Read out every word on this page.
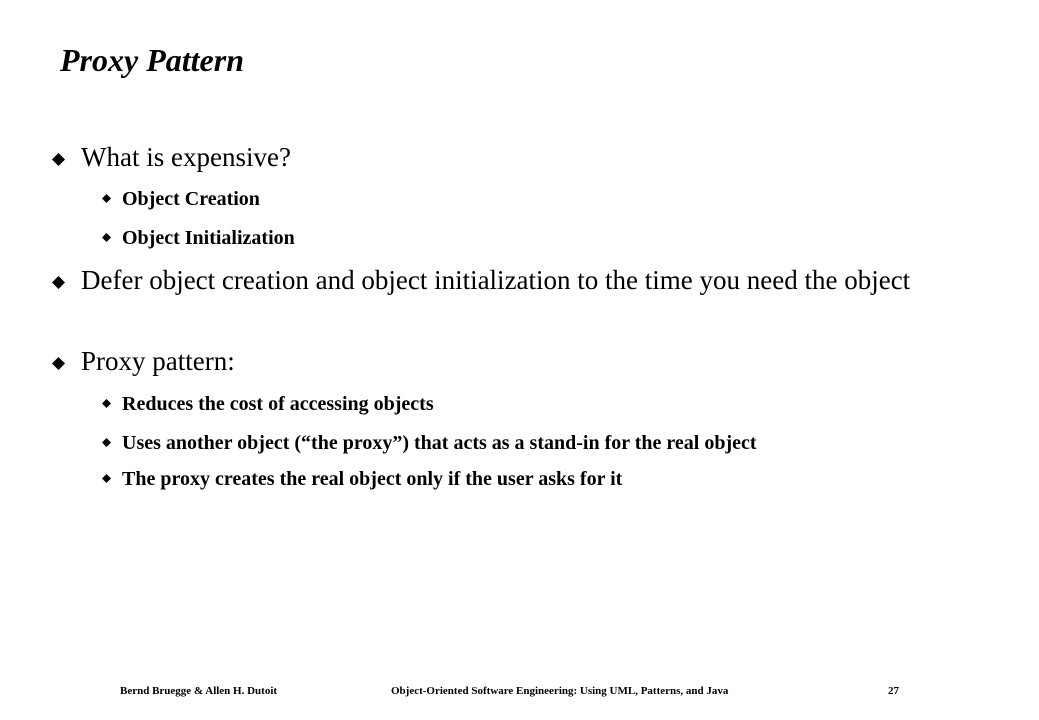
Proxy Pattern
What is expensive?
Object Creation
Object Initialization
Defer object creation and object initialization to the time you need the object
Proxy pattern:
Reduces the cost of accessing objects
Uses another object (“the proxy”) that acts as a stand-in for the real object
The proxy creates the real object only if the user asks for it
Bernd Bruegge & Allen H. Dutoit	Object-Oriented Software Engineering: Using UML, Patterns, and Java	27
